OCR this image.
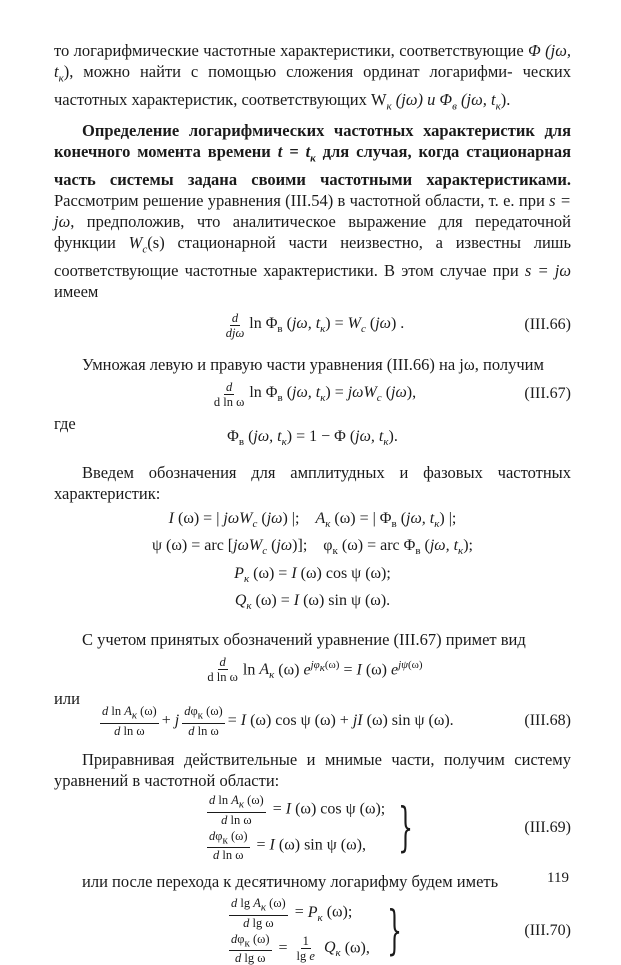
то логарифмические частотные характеристики, соответствующие Φ (jω, $t_к$), можно найти с помощью сложения ординат логарифми- ческих частотных характеристик, соответствующих $W_к$ (jω) и $\Phi_в$ (jω, $t_к$).

Определение логарифмических частотных характеристик для конечного момента времени $t = t_к$ для случая, когда стационарная часть системы задана своими частотными характеристиками. Рассмотрим решение уравнения (III.54) в частотной области, т. е. при s = jω, предположив, что аналитическое выражение для передаточной функции $W_c(s)$ стационарной части неизвестно, а известны лишь соответствующие частотные характеристики. В этом случае при s = jω имеем

$\frac{d}{\text{djω}}$ $\ln \Phi_в$ (jω, $t_к) = W_c$ (jω) .	(III.66)

Умножая левую и правую части уравнения (III.66) на jω, получим

$\frac{d}{\text{d ln ω}}$ $\ln \Phi_в$ (jω, $t_к) = j\omega W_c$ (jω),	(III.67)

где

$\Phi_в$ (jω, $t_к) = 1 - \Phi$ (jω, $t_к$).

Введем обозначения для амплитудных и фазовых частотных характеристик:

I (ω) = | jωW$_c$ (jω) |;    $A_к$ (ω) = | $\Phi_в$ (jω, $t_к$) |;
ψ (ω) = arc [jωW$_c$ (jω)];    $\varphi_к$ (ω) = arc $\Phi_в$ (jω, $t_к$);
$P_к$ (ω) = I (ω) cos ψ (ω);
$Q_к$ (ω) = I (ω) sin ψ (ω).

С учетом принятых обозначений уравнение (III.67) примет вид

$\frac{d}{\text{d ln ω}}$ $\ln A_к$ (ω) $e^{j\varphi_к(\omega)} = I$ (ω) $e^{j\psi(\omega)}$

или

$\frac{d \ln A_к (\omega)}{\text{d ln ω}} + j \frac{d\varphi_к (\omega)}{\text{d ln ω}} = I$ (ω) cos ψ (ω) + jI (ω) sin ψ (ω).	(III.68)

Приравнивая действительные и мнимые части, получим систему уравнений в частотной области:

$\frac{d \ln A_к (\omega)}{\text{d ln ω}} = I$ (ω) cos ψ (ω);
$\frac{d\varphi_к (\omega)}{\text{d ln ω}} = I$ (ω) sin ψ (ω), }	(III.69)

или после перехода к десятичному логарифму будем иметь

$\frac{d \lg A_к (\omega)}{\text{d lg ω}} = P_к$ (ω);
$\frac{d\varphi_к (\omega)}{\text{d lg ω}} = \frac{1}{\text{lg e}} Q_к$ (ω), }	(III.70)
119
